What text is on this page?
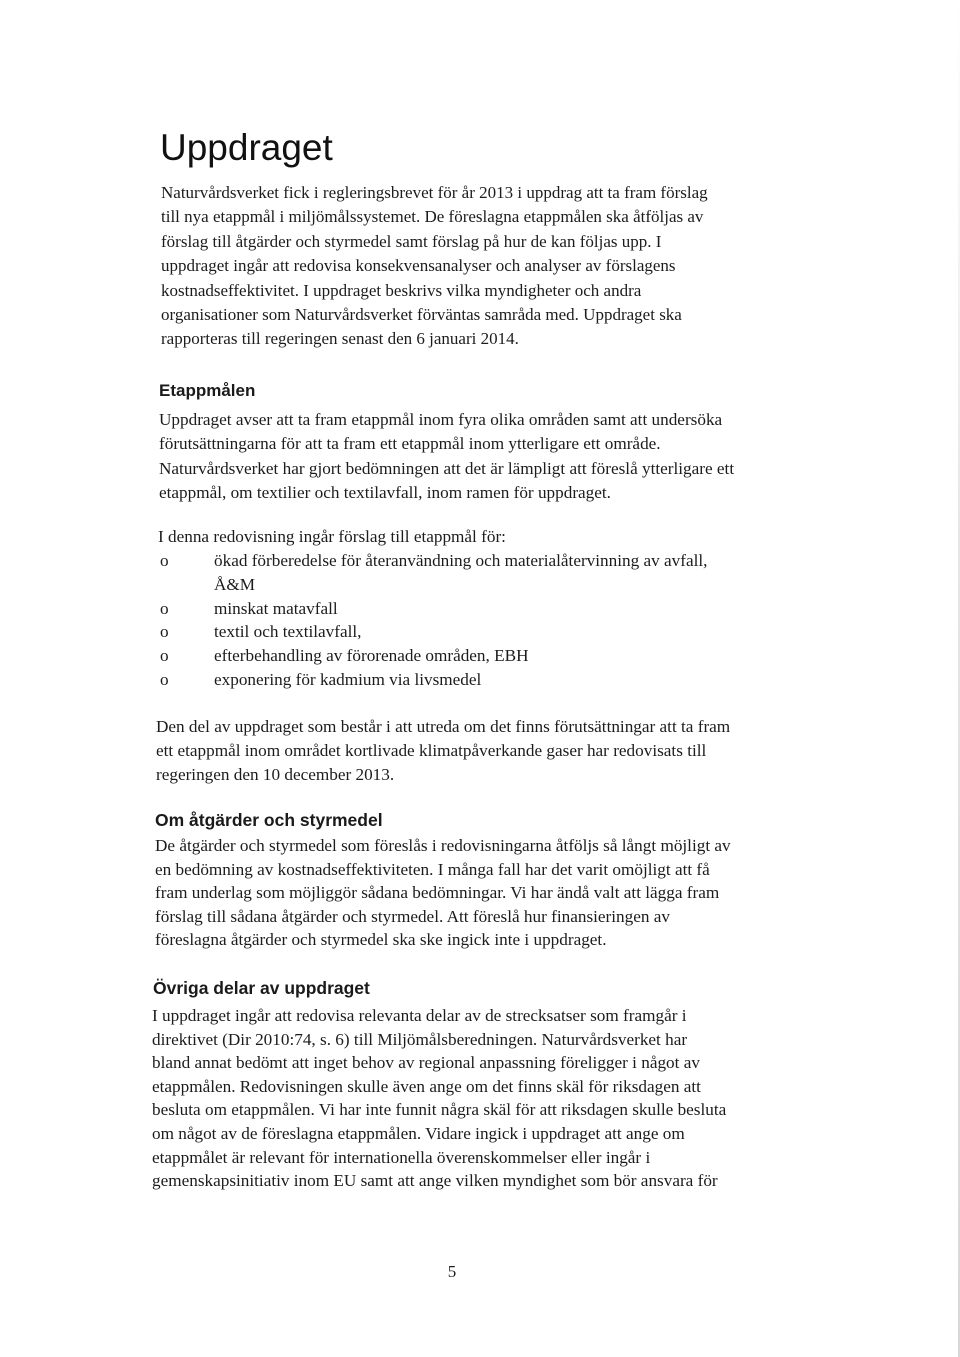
Uppdraget

Naturvårdsverket fick i regleringsbrevet för år 2013 i uppdrag att ta fram förslag
till nya etappmål i miljömålssystemet. De föreslagna etappmålen ska åtföljas av
förslag till åtgärder och styrmedel samt förslag på hur de kan följas upp. I
uppdraget ingår att redovisa konsekvensanalyser och analyser av förslagens
kostnadseffektivitet. I uppdraget beskrivs vilka myndigheter och andra
organisationer som Naturvårdsverket förväntas samråda med. Uppdraget ska
rapporteras till regeringen senast den 6 januari 2014.

Etappmålen

Uppdraget avser att ta fram etappmål inom fyra olika områden samt att undersöka
förutsättningarna för att ta fram ett etappmål inom ytterligare ett område.
Naturvårdsverket har gjort bedömningen att det är lämpligt att föreslå ytterligare ett
etappmål, om textilier och textilavfall, inom ramen för uppdraget.

I denna redovisning ingår förslag till etappmål för:

o	ökad förberedelse för återanvändning och materialåtervinning av avfall,
Å&M
o	minskat matavfall
o	textil och textilavfall,
o	efterbehandling av förorenade områden, EBH
o	exponering för kadmium via livsmedel

Den del av uppdraget som består i att utreda om det finns förutsättningar att ta fram
ett etappmål inom området kortlivade klimatpåverkande gaser har redovisats till
regeringen den 10 december 2013.

Om åtgärder och styrmedel

De åtgärder och styrmedel som föreslås i redovisningarna åtföljs så långt möjligt av
en bedömning av kostnadseffektiviteten. I många fall har det varit omöjligt att få
fram underlag som möjliggör sådana bedömningar. Vi har ändå valt att lägga fram
förslag till sådana åtgärder och styrmedel. Att föreslå hur finansieringen av
föreslagna åtgärder och styrmedel ska ske ingick inte i uppdraget.

Övriga delar av uppdraget

I uppdraget ingår att redovisa relevanta delar av de strecksatser som framgår i
direktivet (Dir 2010:74, s. 6) till Miljömålsberedningen. Naturvårdsverket har
bland annat bedömt att inget behov av regional anpassning föreligger i något av
etappmålen. Redovisningen skulle även ange om det finns skäl för riksdagen att
besluta om etappmålen. Vi har inte funnit några skäl för att riksdagen skulle besluta
om något av de föreslagna etappmålen. Vidare ingick i uppdraget att ange om
etappmålet är relevant för internationella överenskommelser eller ingår i
gemenskapsinitiativ inom EU samt att ange vilken myndighet som bör ansvara för

5
